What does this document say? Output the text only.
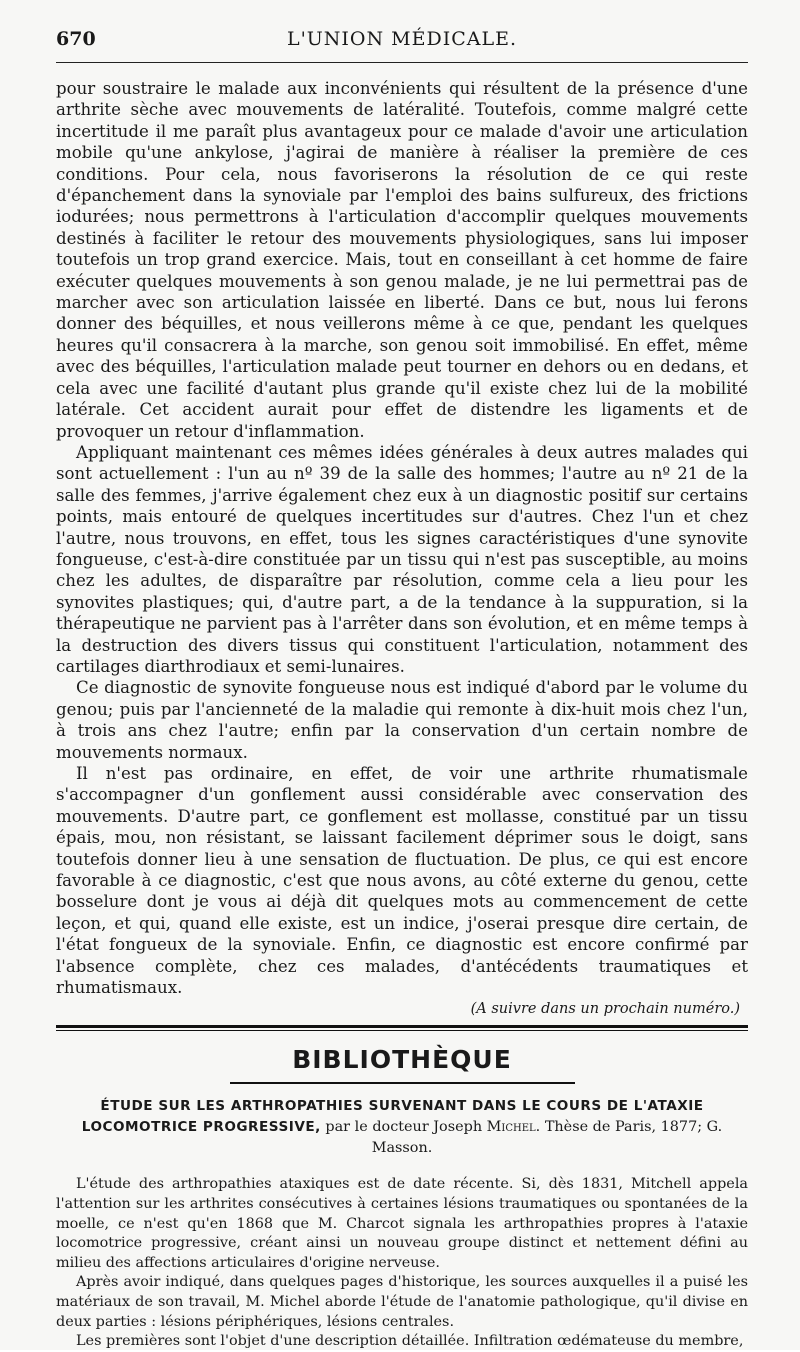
670	L'UNION MÉDICALE.

pour soustraire le malade aux inconvénients qui résultent de la présence d'une arthrite sèche avec mouvements de latéralité. Toutefois, comme malgré cette incertitude il me paraît plus avantageux pour ce malade d'avoir une articulation mobile qu'une ankylose, j'agirai de manière à réaliser la première de ces conditions. Pour cela, nous favoriserons la résolution de ce qui reste d'épanchement dans la synoviale par l'emploi des bains sulfureux, des frictions iodurées; nous permettrons à l'articulation d'accomplir quelques mouvements destinés à faciliter le retour des mouvements physiologiques, sans lui imposer toutefois un trop grand exercice. Mais, tout en conseillant à cet homme de faire exécuter quelques mouvements à son genou malade, je ne lui permettrai pas de marcher avec son articulation laissée en liberté. Dans ce but, nous lui ferons donner des béquilles, et nous veillerons même à ce que, pendant les quelques heures qu'il consacrera à la marche, son genou soit immobilisé. En effet, même avec des béquilles, l'articulation malade peut tourner en dehors ou en dedans, et cela avec une facilité d'autant plus grande qu'il existe chez lui de la mobilité latérale. Cet accident aurait pour effet de distendre les ligaments et de provoquer un retour d'inflammation.

Appliquant maintenant ces mêmes idées générales à deux autres malades qui sont actuellement : l'un au nº 39 de la salle des hommes; l'autre au nº 21 de la salle des femmes, j'arrive également chez eux à un diagnostic positif sur certains points, mais entouré de quelques incertitudes sur d'autres. Chez l'un et chez l'autre, nous trouvons, en effet, tous les signes caractéristiques d'une synovite fongueuse, c'est-à-dire constituée par un tissu qui n'est pas susceptible, au moins chez les adultes, de disparaître par résolution, comme cela a lieu pour les synovites plastiques; qui, d'autre part, a de la tendance à la suppuration, si la thérapeutique ne parvient pas à l'arrêter dans son évolution, et en même temps à la destruction des divers tissus qui constituent l'articulation, notamment des cartilages diarthrodiaux et semi-lunaires.

Ce diagnostic de synovite fongueuse nous est indiqué d'abord par le volume du genou; puis par l'ancienneté de la maladie qui remonte à dix-huit mois chez l'un, à trois ans chez l'autre; enfin par la conservation d'un certain nombre de mouvements normaux.

Il n'est pas ordinaire, en effet, de voir une arthrite rhumatismale s'accompagner d'un gonflement aussi considérable avec conservation des mouvements. D'autre part, ce gonflement est mollasse, constitué par un tissu épais, mou, non résistant, se laissant facilement déprimer sous le doigt, sans toutefois donner lieu à une sensation de fluctuation. De plus, ce qui est encore favorable à ce diagnostic, c'est que nous avons, au côté externe du genou, cette bosselure dont je vous ai déjà dit quelques mots au commencement de cette leçon, et qui, quand elle existe, est un indice, j'oserai presque dire certain, de l'état fongueux de la synoviale. Enfin, ce diagnostic est encore confirmé par l'absence complète, chez ces malades, d'antécédents traumatiques et rhumatismaux.

(A suivre dans un prochain numéro.)
BIBLIOTHÈQUE
ÉTUDE SUR LES ARTHROPATHIES SURVENANT DANS LE COURS DE L'ATAXIE LOCOMOTRICE PROGRESSIVE, par le docteur Joseph Michel. Thèse de Paris, 1877; G. Masson.

L'étude des arthropathies ataxiques est de date récente. Si, dès 1831, Mitchell appela l'attention sur les arthrites consécutives à certaines lésions traumatiques ou spontanées de la moelle, ce n'est qu'en 1868 que M. Charcot signala les arthropathies propres à l'ataxie locomotrice progressive, créant ainsi un nouveau groupe distinct et nettement défini au milieu des affections articulaires d'origine nerveuse.

Après avoir indiqué, dans quelques pages d'historique, les sources auxquelles il a puisé les matériaux de son travail, M. Michel aborde l'étude de l'anatomie pathologique, qu'il divise en deux parties : lésions périphériques, lésions centrales.

Les premières sont l'objet d'une description détaillée. Infiltration œdémateuse du membre,
